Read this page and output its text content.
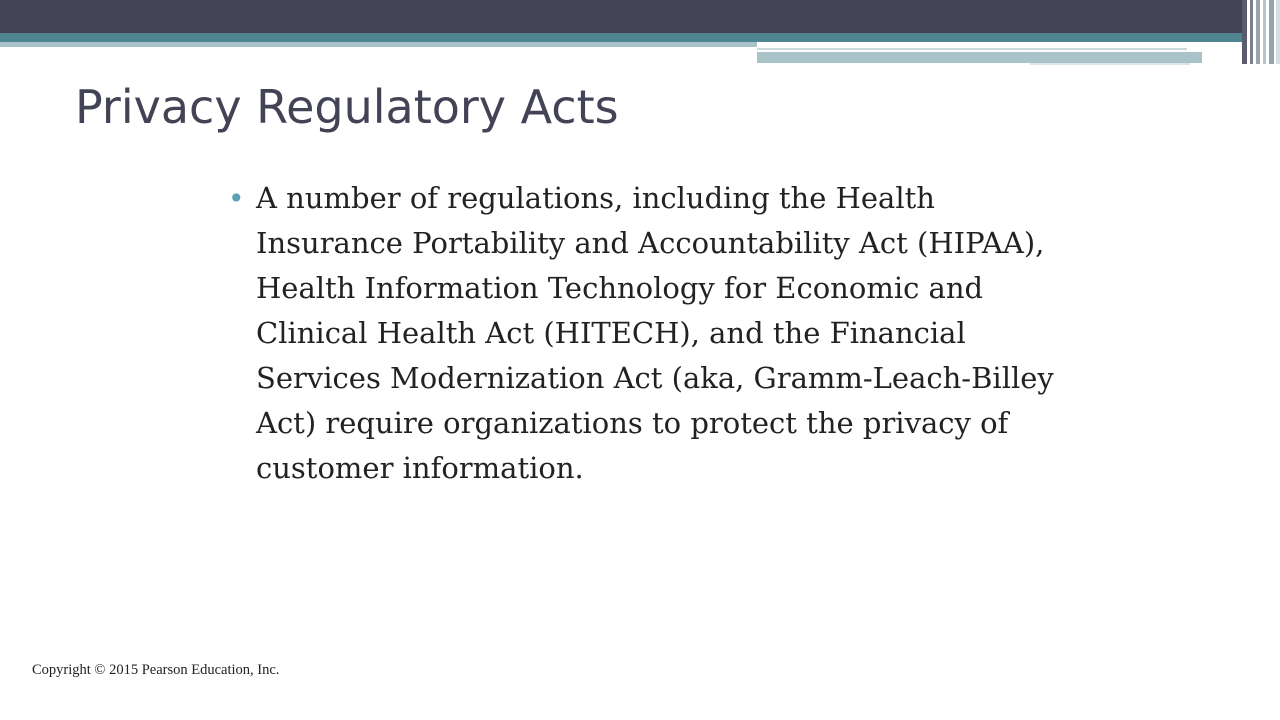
Privacy Regulatory Acts
• A number of regulations, including the Health Insurance Portability and Accountability Act (HIPAA), Health Information Technology for Economic and Clinical Health Act (HITECH), and the Financial Services Modernization Act (aka, Gramm-Leach-Billey Act) require organizations to protect the privacy of customer information.
Copyright © 2015 Pearson Education, Inc.
